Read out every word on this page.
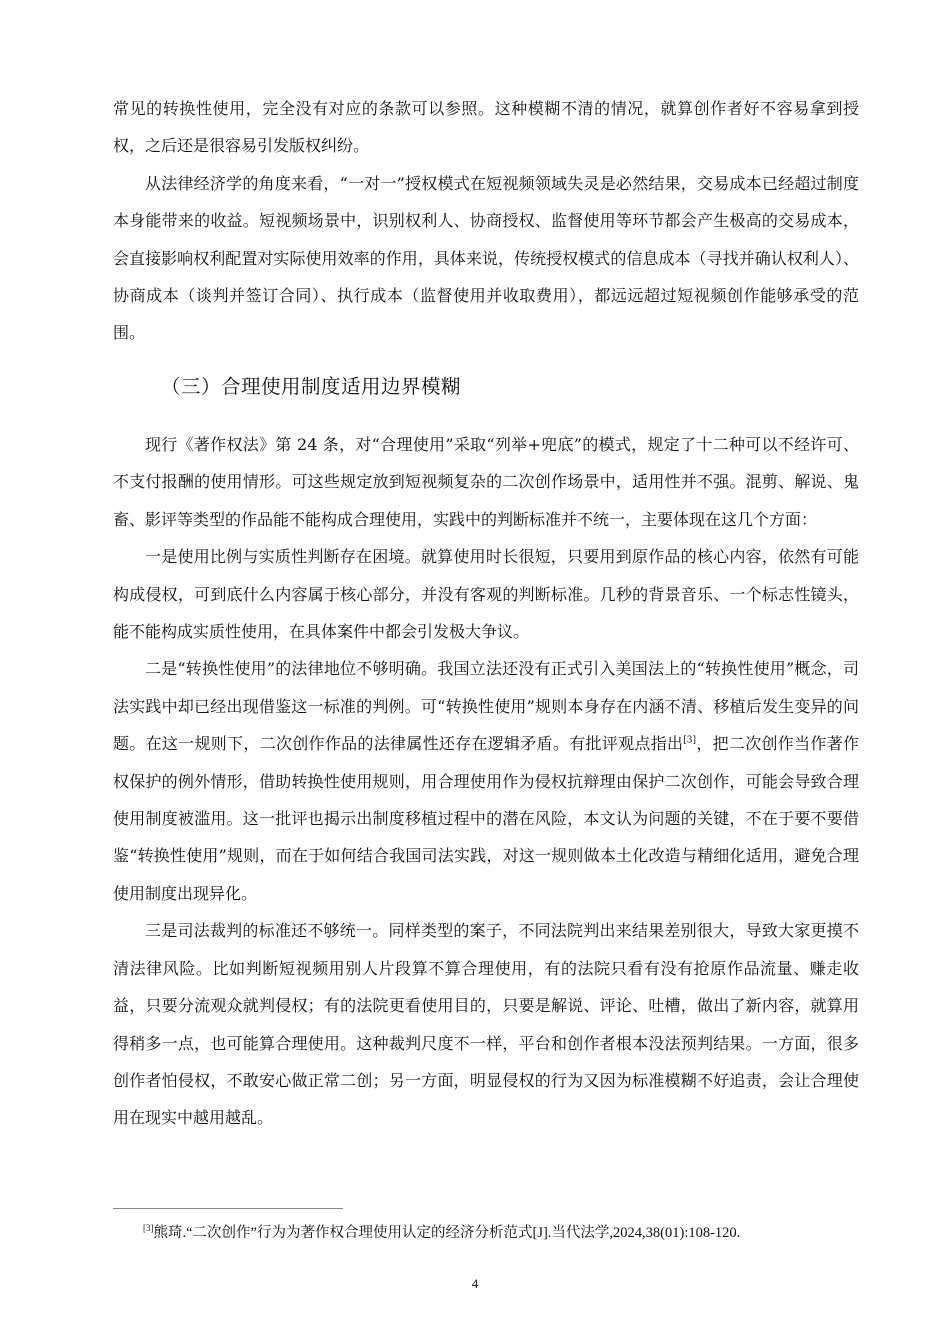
常见的转换性使用，完全没有对应的条款可以参照。这种模糊不清的情况，就算创作者好不容易拿到授权，之后还是很容易引发版权纠纷。

从法律经济学的角度来看，“一对一”授权模式在短视频领域失灵是必然结果，交易成本已经超过制度本身能带来的收益。短视频场景中，识别权利人、协商授权、监督使用等环节都会产生极高的交易成本，会直接影响权利配置对实际使用效率的作用，具体来说，传统授权模式的信息成本（寻找并确认权利人）、协商成本（谈判并签订合同）、执行成本（监督使用并收取费用），都远远超过短视频创作能够承受的范围。

（三）合理使用制度适用边界模糊

现行《著作权法》第 24 条，对“合理使用”采取“列举+兜底”的模式，规定了十二种可以不经许可、不支付报酬的使用情形。可这些规定放到短视频复杂的二次创作场景中，适用性并不强。混剪、解说、鬼畜、影评等类型的作品能不能构成合理使用，实践中的判断标准并不统一，主要体现在这几个方面：

一是使用比例与实质性判断存在困境。就算使用时长很短，只要用到原作品的核心内容，依然有可能构成侵权，可到底什么内容属于核心部分，并没有客观的判断标准。几秒的背景音乐、一个标志性镜头，能不能构成实质性使用，在具体案件中都会引发极大争议。

二是“转换性使用”的法律地位不够明确。我国立法还没有正式引入美国法上的“转换性使用”概念，司法实践中却已经出现借鉴这一标准的判例。可“转换性使用”规则本身存在内涵不清、移植后发生变异的问题。在这一规则下，二次创作作品的法律属性还存在逻辑矛盾。有批评观点指出[3]，把二次创作当作著作权保护的例外情形，借助转换性使用规则，用合理使用作为侵权抗辩理由保护二次创作，可能会导致合理使用制度被滥用。这一批评也揭示出制度移植过程中的潜在风险，本文认为问题的关键，不在于要不要借鉴“转换性使用”规则，而在于如何结合我国司法实践，对这一规则做本土化改造与精细化适用，避免合理使用制度出现异化。

三是司法裁判的标准还不够统一。同样类型的案子，不同法院判出来结果差别很大，导致大家更摸不清法律风险。比如判断短视频用别人片段算不算合理使用，有的法院只看有没有抢原作品流量、赚走收益，只要分流观众就判侵权；有的法院更看使用目的，只要是解说、评论、吐槽，做出了新内容，就算用得稍多一点，也可能算合理使用。这种裁判尺度不一样，平台和创作者根本没法预判结果。一方面，很多创作者怕侵权，不敢安心做正常二创；另一方面，明显侵权的行为又因为标准模糊不好追责，会让合理使用在现实中越用越乱。

[3]熊琦.“二次创作”行为为著作权合理使用认定的经济分析范式[J].当代法学,2024,38(01):108-120.

4
